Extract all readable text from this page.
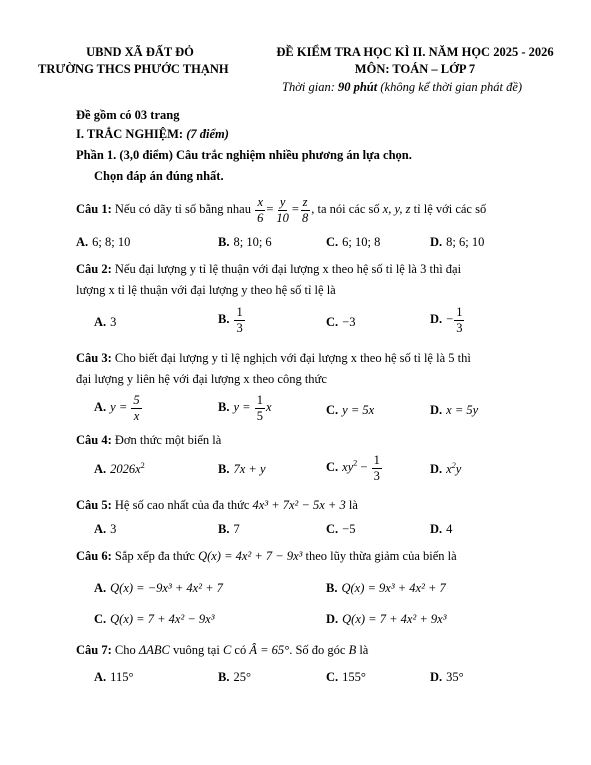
UBND XÃ ĐẤT ĐỎ
TRƯỜNG THCS PHƯỚC THẠNH
ĐỀ KIỂM TRA HỌC KÌ II. NĂM HỌC 2025 - 2026
MÔN: TOÁN – LỚP 7
Thời gian: 90 phút (không kể thời gian phát đề)
Đề gồm có 03 trang
I. TRẮC NGHIỆM: (7 điểm)
Phần 1. (3,0 điểm) Câu trắc nghiệm nhiều phương án lựa chọn.
Chọn đáp án đúng nhất.
Câu 1: Nếu có dãy tỉ số bằng nhau $\frac{x}{6} = \frac{y}{10} = \frac{z}{8}$ , ta nói các số x, y, z tỉ lệ với các số
A. 6; 8; 10	B. 8; 10; 6	C. 6; 10; 8	D. 8; 6; 10
Câu 2: Nếu đại lượng y tỉ lệ thuận với đại lượng x theo hệ số tỉ lệ là 3 thì đại
lượng x tỉ lệ thuận với đại lượng y theo hệ số tỉ lệ là
A. 3	B. $\frac{1}{3}$	C. −3	D. − $\frac{1}{3}$
Câu 3: Cho biết đại lượng y tỉ lệ nghịch với đại lượng x theo hệ số tỉ lệ là 5 thì
đại lượng y liên hệ với đại lượng x theo công thức
A. $y = \frac{5}{x}$	B. $y = \frac{1}{5}$ x	C. y = 5x	D. x = 5y
Câu 4: Đơn thức một biến là
A. $2026x^2$	B. 7x + y	C. $xy^2 - \frac{1}{3}$	D. $x^2y$
Câu 5: Hệ số cao nhất của đa thức 4x³ + 7x² − 5x + 3 là
A. 3	B. 7	C. −5	D. 4
Câu 6: Sắp xếp đa thức Q(x) = 4x² + 7 − 9x³ theo lũy thừa giảm của biến là
A. Q(x) = −9x³ + 4x² + 7	B. Q(x) = 9x³ + 4x² + 7
C. Q(x) = 7 + 4x² − 9x³	D. Q(x) = 7 + 4x² + 9x³
Câu 7: Cho ΔABC vuông tại C có Â = 65°. Số đo góc B là
A. 115°	B. 25°	C. 155°	D. 35°
